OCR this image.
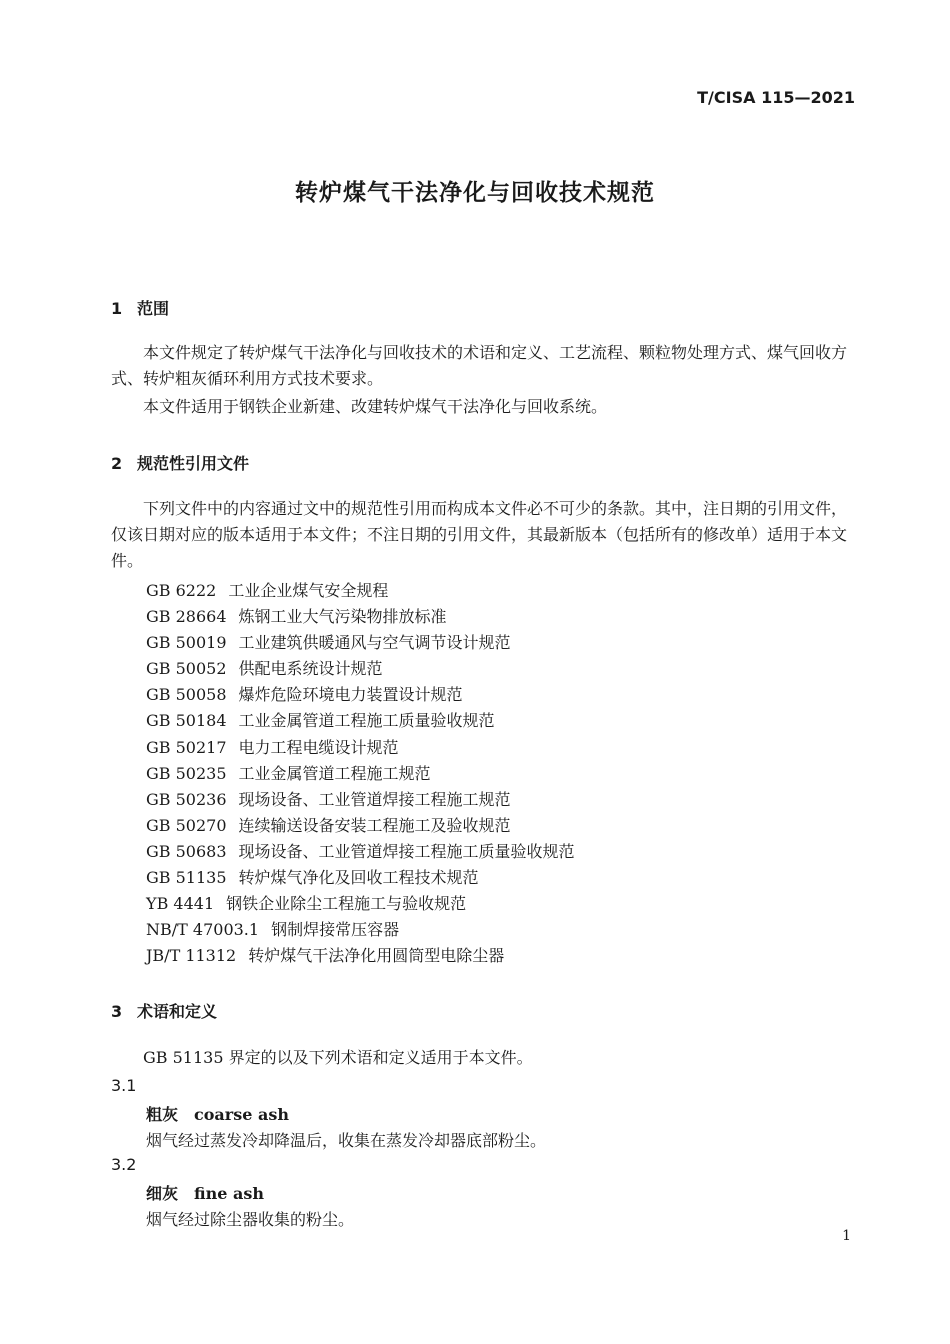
T/CISA 115—2021
转炉煤气干法净化与回收技术规范
1 范围
本文件规定了转炉煤气干法净化与回收技术的术语和定义、工艺流程、颗粒物处理方式、煤气回收方式、转炉粗灰循环利用方式技术要求。
本文件适用于钢铁企业新建、改建转炉煤气干法净化与回收系统。
2 规范性引用文件
下列文件中的内容通过文中的规范性引用而构成本文件必不可少的条款。其中，注日期的引用文件，仅该日期对应的版本适用于本文件；不注日期的引用文件，其最新版本（包括所有的修改单）适用于本文件。
GB 6222 工业企业煤气安全规程
GB 28664 炼钢工业大气污染物排放标准
GB 50019 工业建筑供暖通风与空气调节设计规范
GB 50052 供配电系统设计规范
GB 50058 爆炸危险环境电力装置设计规范
GB 50184 工业金属管道工程施工质量验收规范
GB 50217 电力工程电缆设计规范
GB 50235 工业金属管道工程施工规范
GB 50236 现场设备、工业管道焊接工程施工规范
GB 50270 连续输送设备安装工程施工及验收规范
GB 50683 现场设备、工业管道焊接工程施工质量验收规范
GB 51135 转炉煤气净化及回收工程技术规范
YB 4441 钢铁企业除尘工程施工与验收规范
NB/T 47003.1 钢制焊接常压容器
JB/T 11312 转炉煤气干法净化用圆筒型电除尘器
3 术语和定义
GB 51135 界定的以及下列术语和定义适用于本文件。
3.1
粗灰 coarse ash
烟气经过蒸发冷却降温后，收集在蒸发冷却器底部粉尘。
3.2
细灰 fine ash
烟气经过除尘器收集的粉尘。
1
